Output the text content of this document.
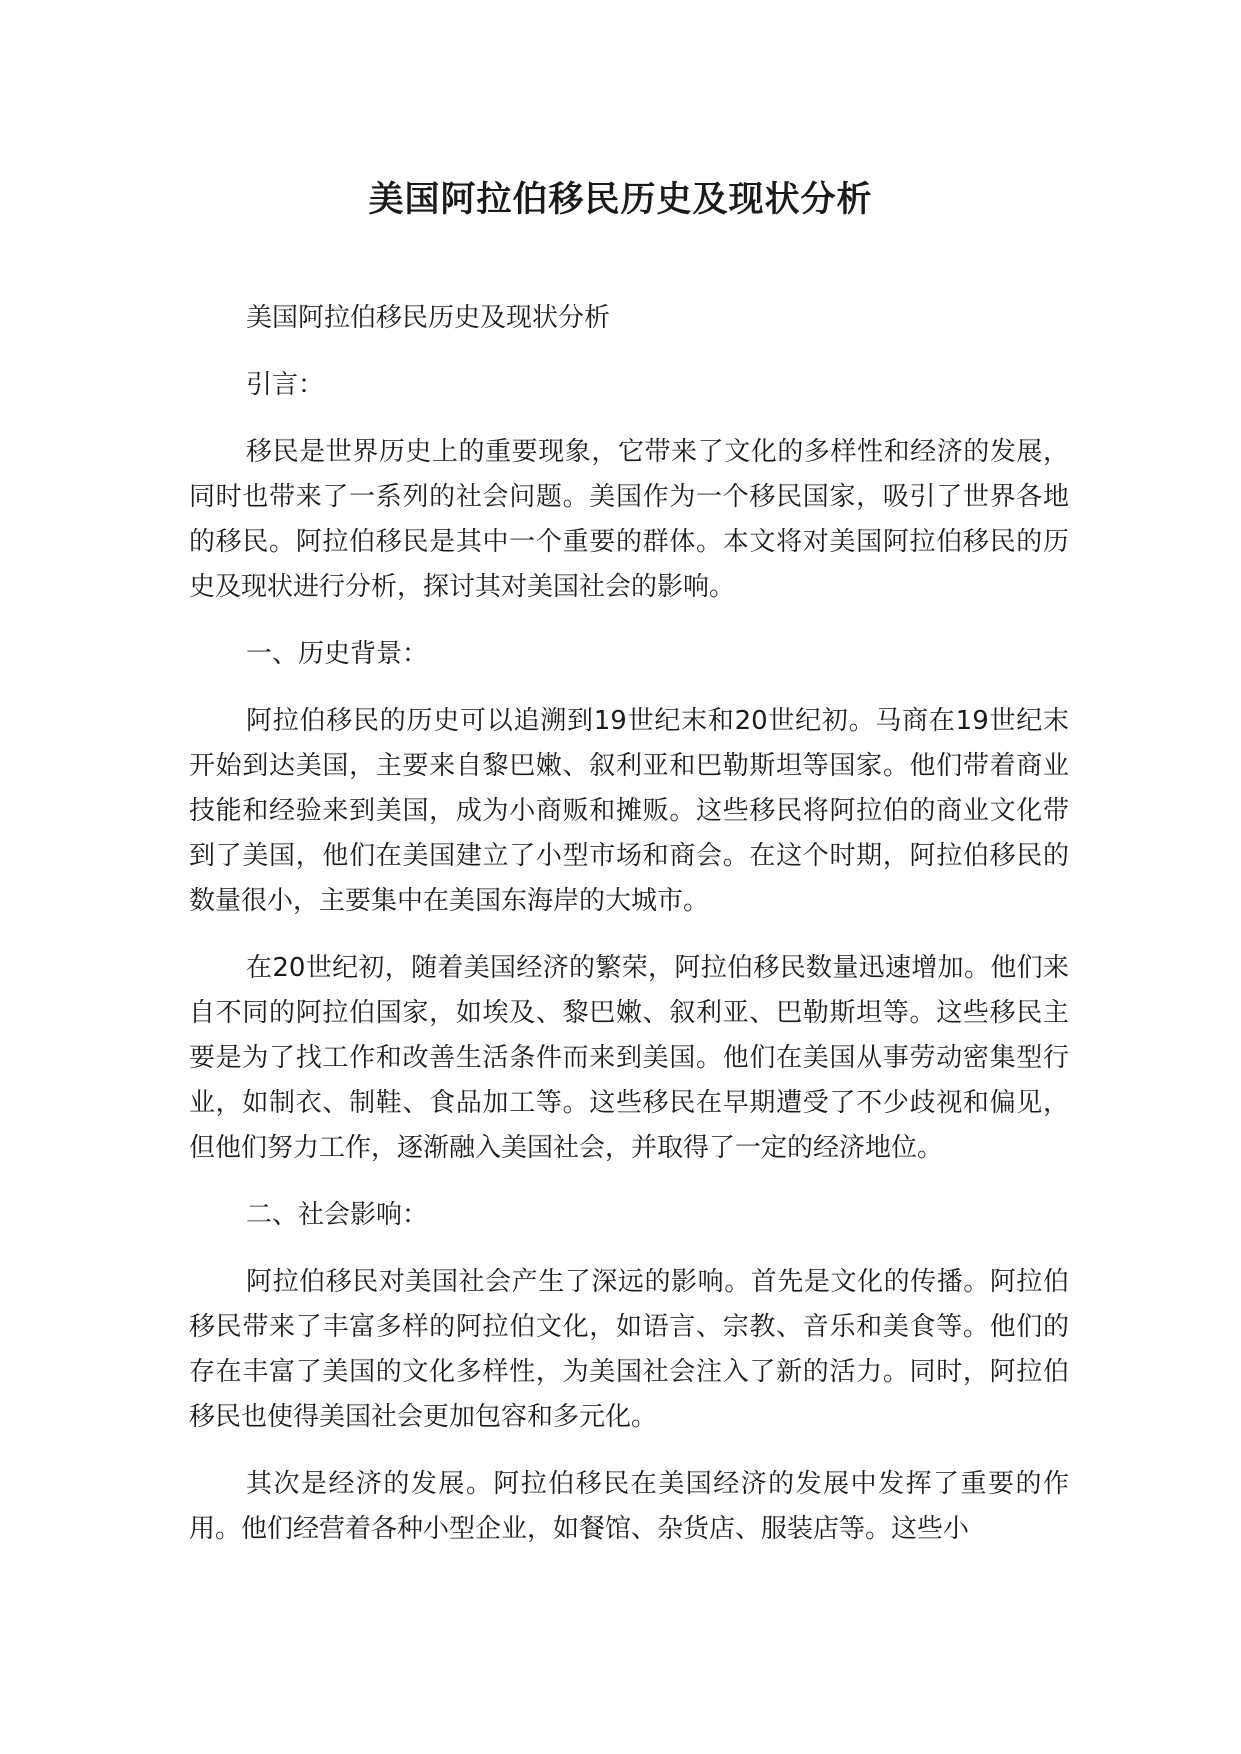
美国阿拉伯移民历史及现状分析

美国阿拉伯移民历史及现状分析

引言：

移民是世界历史上的重要现象，它带来了文化的多样性和经济的发展，同时也带来了一系列的社会问题。美国作为一个移民国家，吸引了世界各地的移民。阿拉伯移民是其中一个重要的群体。本文将对美国阿拉伯移民的历史及现状进行分析，探讨其对美国社会的影响。

一、历史背景：

阿拉伯移民的历史可以追溯到19世纪末和20世纪初。马商在19世纪末开始到达美国，主要来自黎巴嫩、叙利亚和巴勒斯坦等国家。他们带着商业技能和经验来到美国，成为小商贩和摊贩。这些移民将阿拉伯的商业文化带到了美国，他们在美国建立了小型市场和商会。在这个时期，阿拉伯移民的数量很小，主要集中在美国东海岸的大城市。

在20世纪初，随着美国经济的繁荣，阿拉伯移民数量迅速增加。他们来自不同的阿拉伯国家，如埃及、黎巴嫩、叙利亚、巴勒斯坦等。这些移民主要是为了找工作和改善生活条件而来到美国。他们在美国从事劳动密集型行业，如制衣、制鞋、食品加工等。这些移民在早期遭受了不少歧视和偏见，但他们努力工作，逐渐融入美国社会，并取得了一定的经济地位。

二、社会影响：

阿拉伯移民对美国社会产生了深远的影响。首先是文化的传播。阿拉伯移民带来了丰富多样的阿拉伯文化，如语言、宗教、音乐和美食等。他们的存在丰富了美国的文化多样性，为美国社会注入了新的活力。同时，阿拉伯移民也使得美国社会更加包容和多元化。

其次是经济的发展。阿拉伯移民在美国经济的发展中发挥了重要的作用。他们经营着各种小型企业，如餐馆、杂货店、服装店等。这些小
